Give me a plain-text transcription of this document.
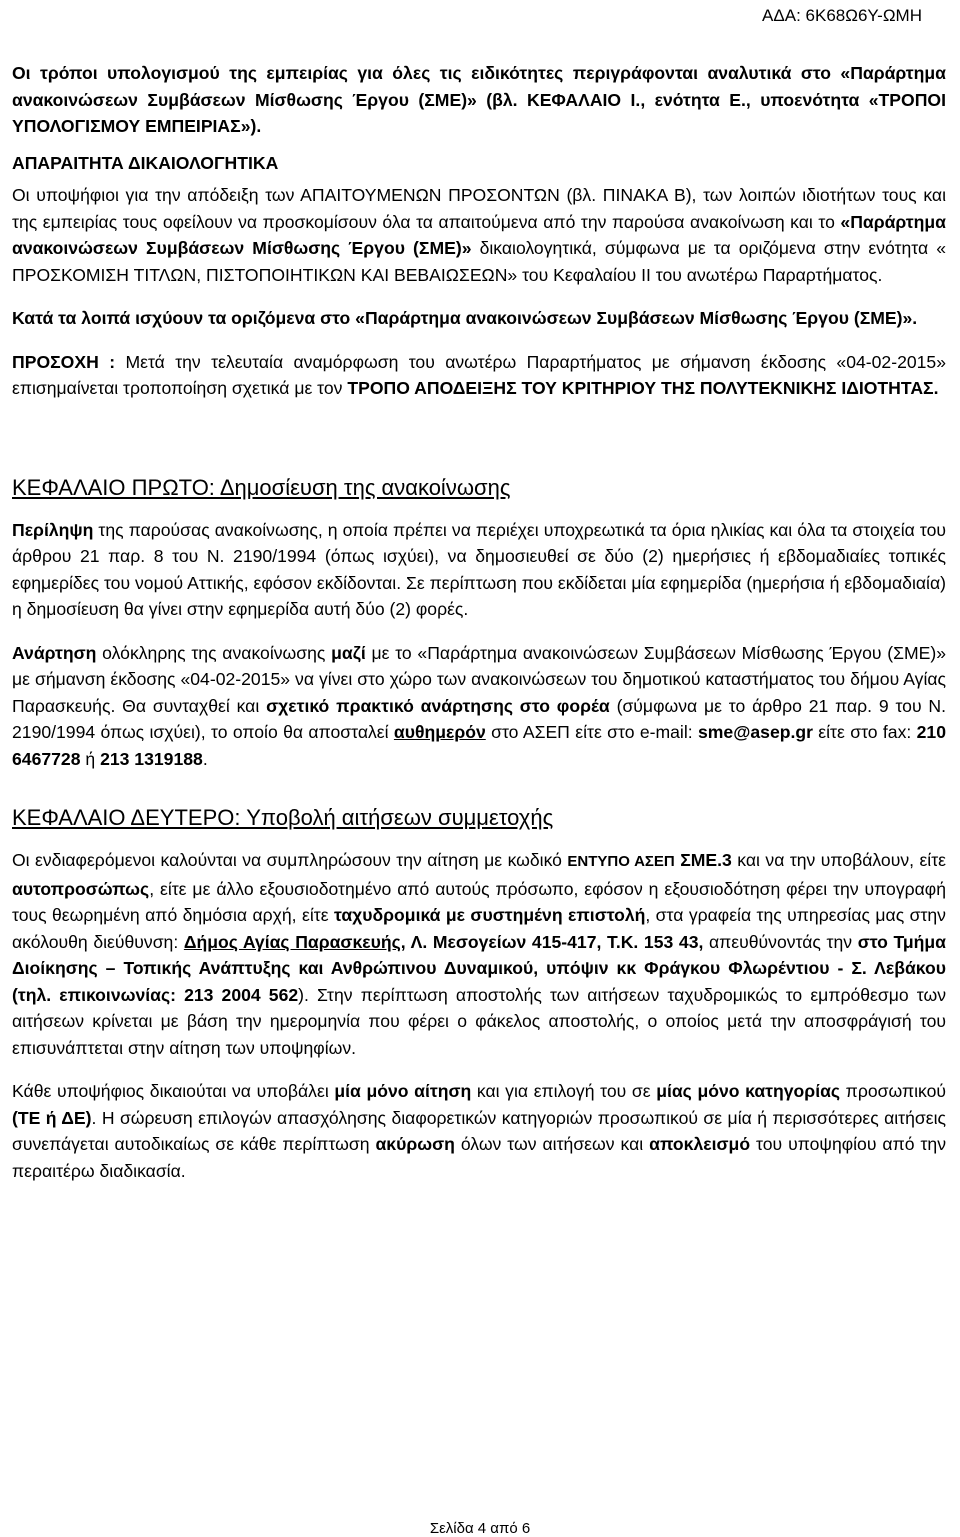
ΑΔΑ: 6Κ68Ω6Υ-ΩΜΗ

Οι τρόποι υπολογισμού της εμπειρίας για όλες τις ειδικότητες περιγράφονται αναλυτικά στο «Παράρτημα ανακοινώσεων Συμβάσεων Μίσθωσης Έργου (ΣΜΕ)» (βλ. ΚΕΦΑΛΑΙΟ Ι., ενότητα Ε., υποενότητα «ΤΡΟΠΟΙ ΥΠΟΛΟΓΙΣΜΟΥ ΕΜΠΕΙΡΙΑΣ»).

ΑΠΑΡΑΙΤΗΤΑ ΔΙΚΑΙΟΛΟΓΗΤΙΚΑ

Οι υποψήφιοι για την απόδειξη των ΑΠΑΙΤΟΥΜΕΝΩΝ ΠΡΟΣΟΝΤΩΝ (βλ. ΠΙΝΑΚΑ Β), των λοιπών ιδιοτήτων τους και της εμπειρίας τους οφείλουν να προσκομίσουν όλα τα απαιτούμενα από την παρούσα ανακοίνωση και το «Παράρτημα ανακοινώσεων Συμβάσεων Μίσθωσης Έργου (ΣΜΕ)» δικαιολογητικά, σύμφωνα με τα οριζόμενα στην ενότητα « ΠΡΟΣΚΟΜΙΣΗ ΤΙΤΛΩΝ, ΠΙΣΤΟΠΟΙΗΤΙΚΩΝ ΚΑΙ ΒΕΒΑΙΩΣΕΩΝ» του Κεφαλαίου ΙΙ του ανωτέρω Παραρτήματος.

Κατά τα λοιπά ισχύουν τα οριζόμενα στο «Παράρτημα ανακοινώσεων Συμβάσεων Μίσθωσης Έργου (ΣΜΕ)».

ΠΡΟΣΟΧΗ : Μετά την τελευταία αναμόρφωση του ανωτέρω Παραρτήματος με σήμανση έκδοσης «04-02-2015» επισημαίνεται τροποποίηση σχετικά με τον ΤΡΟΠΟ ΑΠΟΔΕΙΞΗΣ ΤΟΥ ΚΡΙΤΗΡΙΟΥ ΤΗΣ ΠΟΛΥΤΕΚΝΙΚΗΣ ΙΔΙΟΤΗΤΑΣ.

ΚΕΦΑΛΑΙΟ ΠΡΩΤΟ: Δημοσίευση της ανακοίνωσης

Περίληψη της παρούσας ανακοίνωσης, η οποία πρέπει να περιέχει υποχρεωτικά τα όρια ηλικίας και όλα τα στοιχεία του άρθρου 21 παρ. 8 του Ν. 2190/1994 (όπως ισχύει), να δημοσιευθεί σε δύο (2) ημερήσιες ή εβδομαδιαίες τοπικές εφημερίδες του νομού Αττικής, εφόσον εκδίδονται. Σε περίπτωση που εκδίδεται μία εφημερίδα (ημερήσια ή εβδομαδιαία) η δημοσίευση θα γίνει στην εφημερίδα αυτή δύο (2) φορές.

Ανάρτηση ολόκληρης της ανακοίνωσης μαζί με το «Παράρτημα ανακοινώσεων Συμβάσεων Μίσθωσης Έργου (ΣΜΕ)» με σήμανση έκδοσης «04-02-2015» να γίνει στο χώρο των ανακοινώσεων του δημοτικού καταστήματος του δήμου Αγίας Παρασκευής. Θα συνταχθεί και σχετικό πρακτικό ανάρτησης στο φορέα (σύμφωνα με το άρθρο 21 παρ. 9 του Ν. 2190/1994 όπως ισχύει), το οποίο θα αποσταλεί αυθημερόν στο ΑΣΕΠ είτε στο e-mail: sme@asep.gr είτε στο fax: 210 6467728 ή 213 1319188.

ΚΕΦΑΛΑΙΟ ΔΕΥΤΕΡΟ: Υποβολή αιτήσεων συμμετοχής

Οι ενδιαφερόμενοι καλούνται να συμπληρώσουν την αίτηση με κωδικό ΕΝΤΥΠΟ ΑΣΕΠ ΣΜΕ.3 και να την υποβάλουν, είτε αυτοπροσώπως, είτε με άλλο εξουσιοδοτημένο από αυτούς πρόσωπο, εφόσον η εξουσιοδότηση φέρει την υπογραφή τους θεωρημένη από δημόσια αρχή, είτε ταχυδρομικά με συστημένη επιστολή, στα γραφεία της υπηρεσίας μας στην ακόλουθη διεύθυνση: Δήμος Αγίας Παρασκευής, Λ. Μεσογείων 415-417, Τ.Κ. 153 43, απευθύνοντάς την στο Τμήμα Διοίκησης – Τοπικής Ανάπτυξης και Ανθρώπινου Δυναμικού, υπόψιν κκ Φράγκου Φλωρέντιου - Σ. Λεβάκου (τηλ. επικοινωνίας: 213 2004 562). Στην περίπτωση αποστολής των αιτήσεων ταχυδρομικώς το εμπρόθεσμο των αιτήσεων κρίνεται με βάση την ημερομηνία που φέρει ο φάκελος αποστολής, ο οποίος μετά την αποσφράγισή του επισυνάπτεται στην αίτηση των υποψηφίων.

Κάθε υποψήφιος δικαιούται να υποβάλει μία μόνο αίτηση και για επιλογή του σε μίας μόνο κατηγορίας προσωπικού (ΤΕ ή ΔΕ). Η σώρευση επιλογών απασχόλησης διαφορετικών κατηγοριών προσωπικού σε μία ή περισσότερες αιτήσεις συνεπάγεται αυτοδικαίως σε κάθε περίπτωση ακύρωση όλων των αιτήσεων και αποκλεισμό του υποψηφίου από την περαιτέρω διαδικασία.

Σελίδα 4 από 6
